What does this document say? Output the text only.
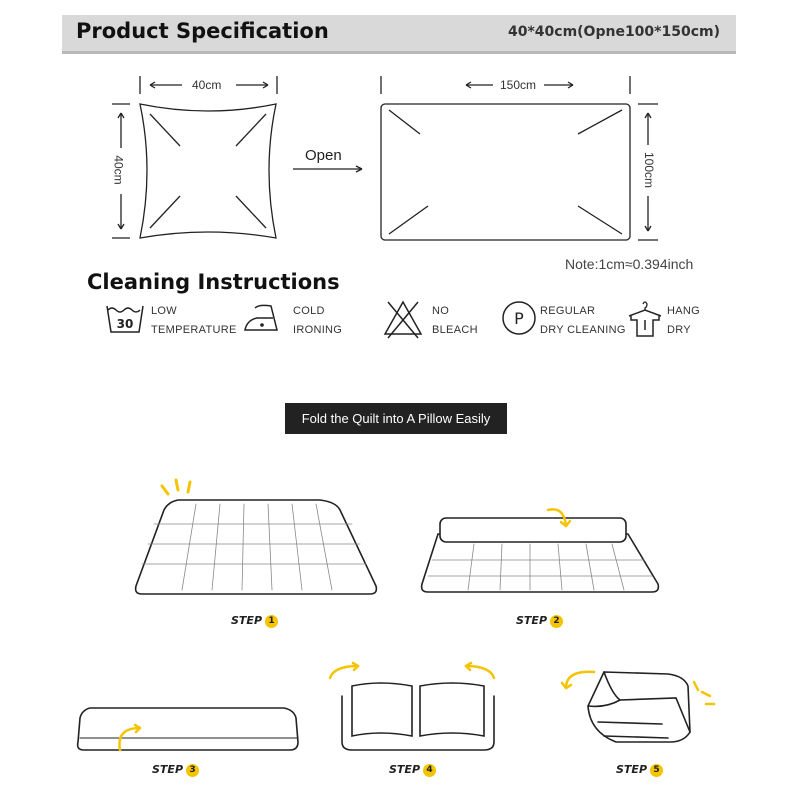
Product Specification	40*40cm(Opne100*150cm)
40cm
40cm	Open
150cm
100cm
Note:1cm≈0.394inch
Cleaning Instructions
30
LOW
TEMPERATURE
COLD
IRONING
NO
BLEACH
P REGULAR
DRY CLEANING
HANG
DRY
Fold the Quilt into A Pillow Easily
STEP 1	STEP 2
STEP 3	STEP 4	STEP 5
